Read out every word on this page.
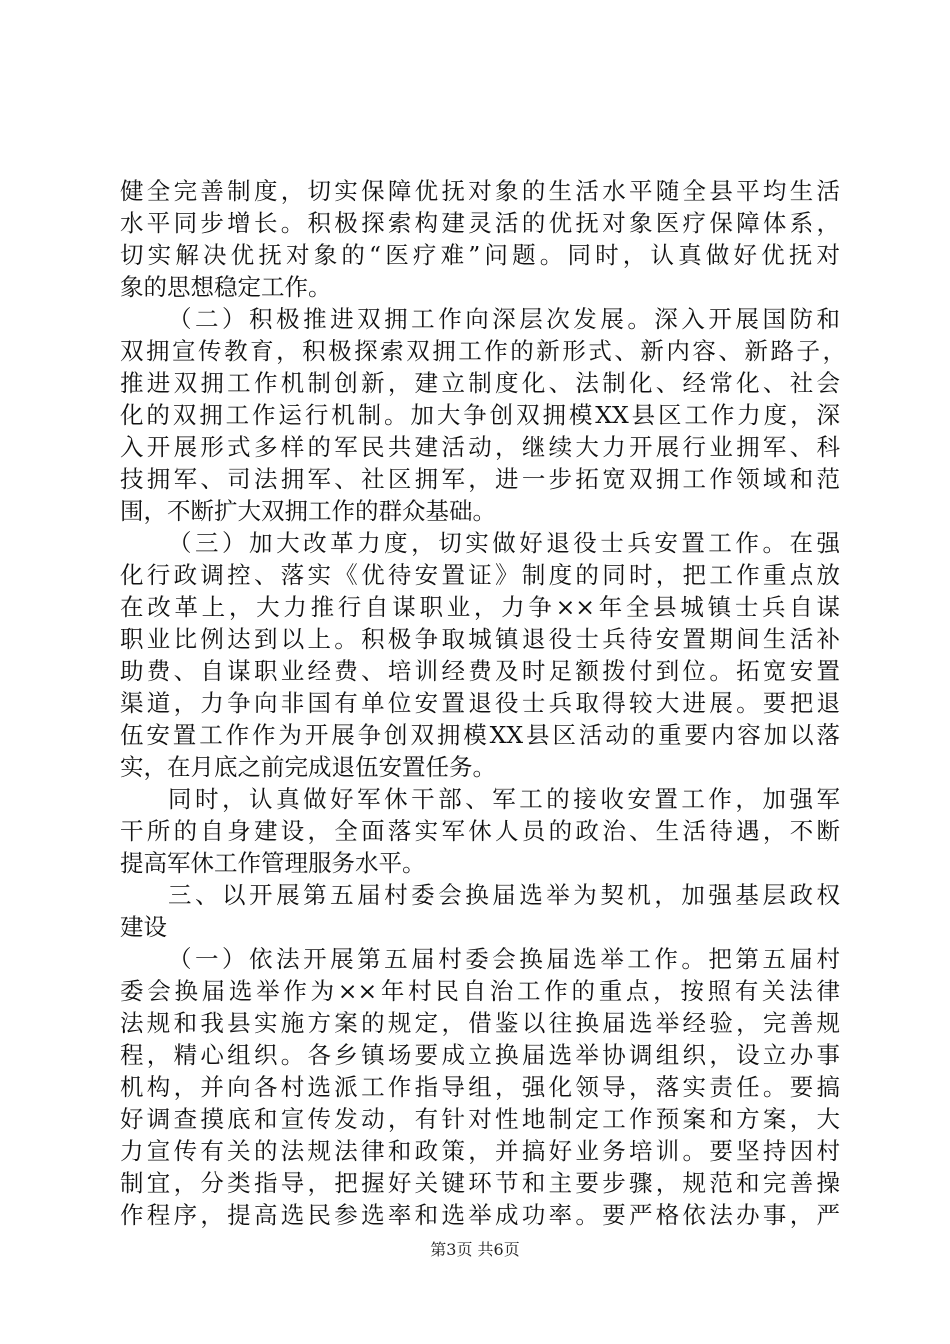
健全完善制度，切实保障优抚对象的生活水平随全县平均生活
水平同步增长。积极探索构建灵活的优抚对象医疗保障体系，
切实解决优抚对象的“医疗难”问题。同时，认真做好优抚对
象的思想稳定工作。
（二）积极推进双拥工作向深层次发展。深入开展国防和
双拥宣传教育，积极探索双拥工作的新形式、新内容、新路子，
推进双拥工作机制创新，建立制度化、法制化、经常化、社会
化的双拥工作运行机制。加大争创双拥模XX县区工作力度，深
入开展形式多样的军民共建活动，继续大力开展行业拥军、科
技拥军、司法拥军、社区拥军，进一步拓宽双拥工作领域和范
围，不断扩大双拥工作的群众基础。
（三）加大改革力度，切实做好退役士兵安置工作。在强
化行政调控、落实《优待安置证》制度的同时，把工作重点放
在改革上，大力推行自谋职业，力争××年全县城镇士兵自谋
职业比例达到以上。积极争取城镇退役士兵待安置期间生活补
助费、自谋职业经费、培训经费及时足额拨付到位。拓宽安置
渠道，力争向非国有单位安置退役士兵取得较大进展。要把退
伍安置工作作为开展争创双拥模XX县区活动的重要内容加以落
实，在月底之前完成退伍安置任务。
同时，认真做好军休干部、军工的接收安置工作，加强军
干所的自身建设，全面落实军休人员的政治、生活待遇，不断
提高军休工作管理服务水平。
三、以开展第五届村委会换届选举为契机，加强基层政权
建设
（一）依法开展第五届村委会换届选举工作。把第五届村
委会换届选举作为××年村民自治工作的重点，按照有关法律
法规和我县实施方案的规定，借鉴以往换届选举经验，完善规
程，精心组织。各乡镇场要成立换届选举协调组织，设立办事
机构，并向各村选派工作指导组，强化领导，落实责任。要搞
好调查摸底和宣传发动，有针对性地制定工作预案和方案，大
力宣传有关的法规法律和政策，并搞好业务培训。要坚持因村
制宜，分类指导，把握好关键环节和主要步骤，规范和完善操
作程序，提高选民参选率和选举成功率。要严格依法办事，严
第3页 共6页
